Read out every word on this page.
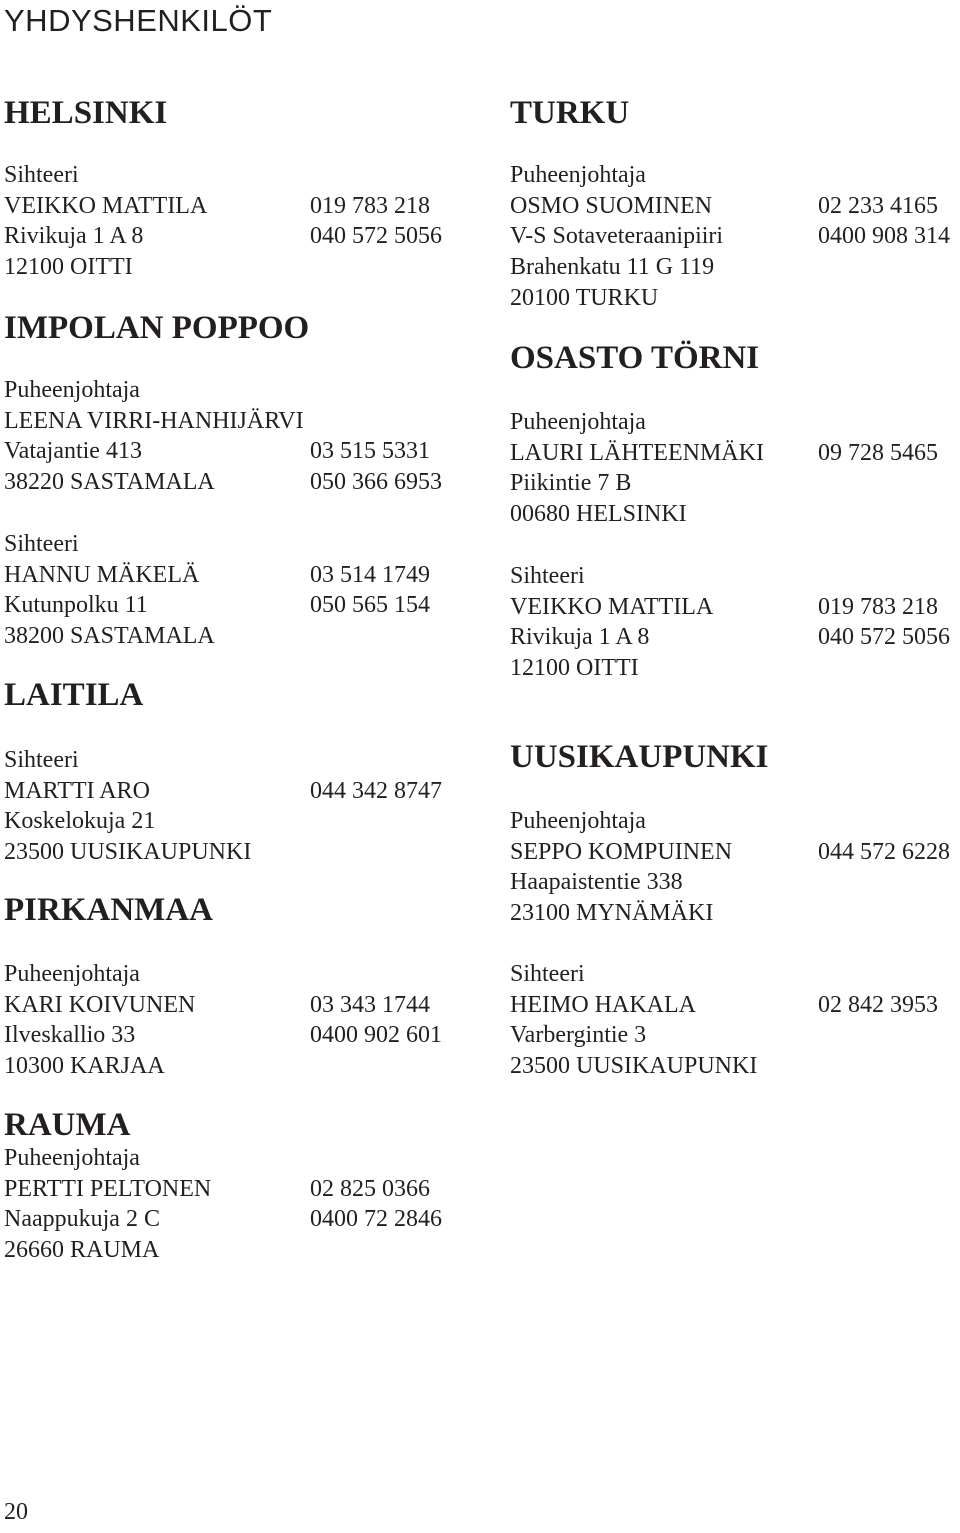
YHDYSHENKILÖT
HELSINKI
Sihteeri
VEIKKO MATTILA	019 783 218
Rivikuja 1 A 8	040 572 5056
12100 OITTI
IMPOLAN POPPOO
Puheenjohtaja
LEENA VIRRI-HANHIJÄRVI
Vatajantie 413	03 515 5331
38220 SASTAMALA	050 366 6953
Sihteeri
HANNU MÄKELÄ	03 514 1749
Kutunpolku 11	050 565 154
38200 SASTAMALA
LAITILA
Sihteeri
MARTTI ARO	044 342 8747
Koskelokuja 21
23500 UUSIKAUPUNKI
PIRKANMAA
Puheenjohtaja
KARI KOIVUNEN	03 343 1744
Ilveskallio 33	0400 902 601
10300 KARJAA
RAUMA
Puheenjohtaja
PERTTI PELTONEN	02 825 0366
Naappukuja 2 C	0400 72 2846
26660 RAUMA
TURKU
Puheenjohtaja
OSMO SUOMINEN	02 233 4165
V-S Sotaveteraanipiiri	0400 908 314
Brahenkatu 11 G 119
20100 TURKU
OSASTO TÖRNI
Puheenjohtaja
LAURI LÄHTEENMÄKI 09 728 5465
Piikintie 7 B
00680 HELSINKI
Sihteeri
VEIKKO MATTILA	019 783 218
Rivikuja 1 A 8	040 572 5056
12100 OITTI
UUSIKAUPUNKI
Puheenjohtaja
SEPPO KOMPUINEN	044 572 6228
Haapaistentie 338
23100 MYNÄMÄKI
Sihteeri
HEIMO HAKALA	02 842 3953
Varbergintie 3
23500 UUSIKAUPUNKI
20
